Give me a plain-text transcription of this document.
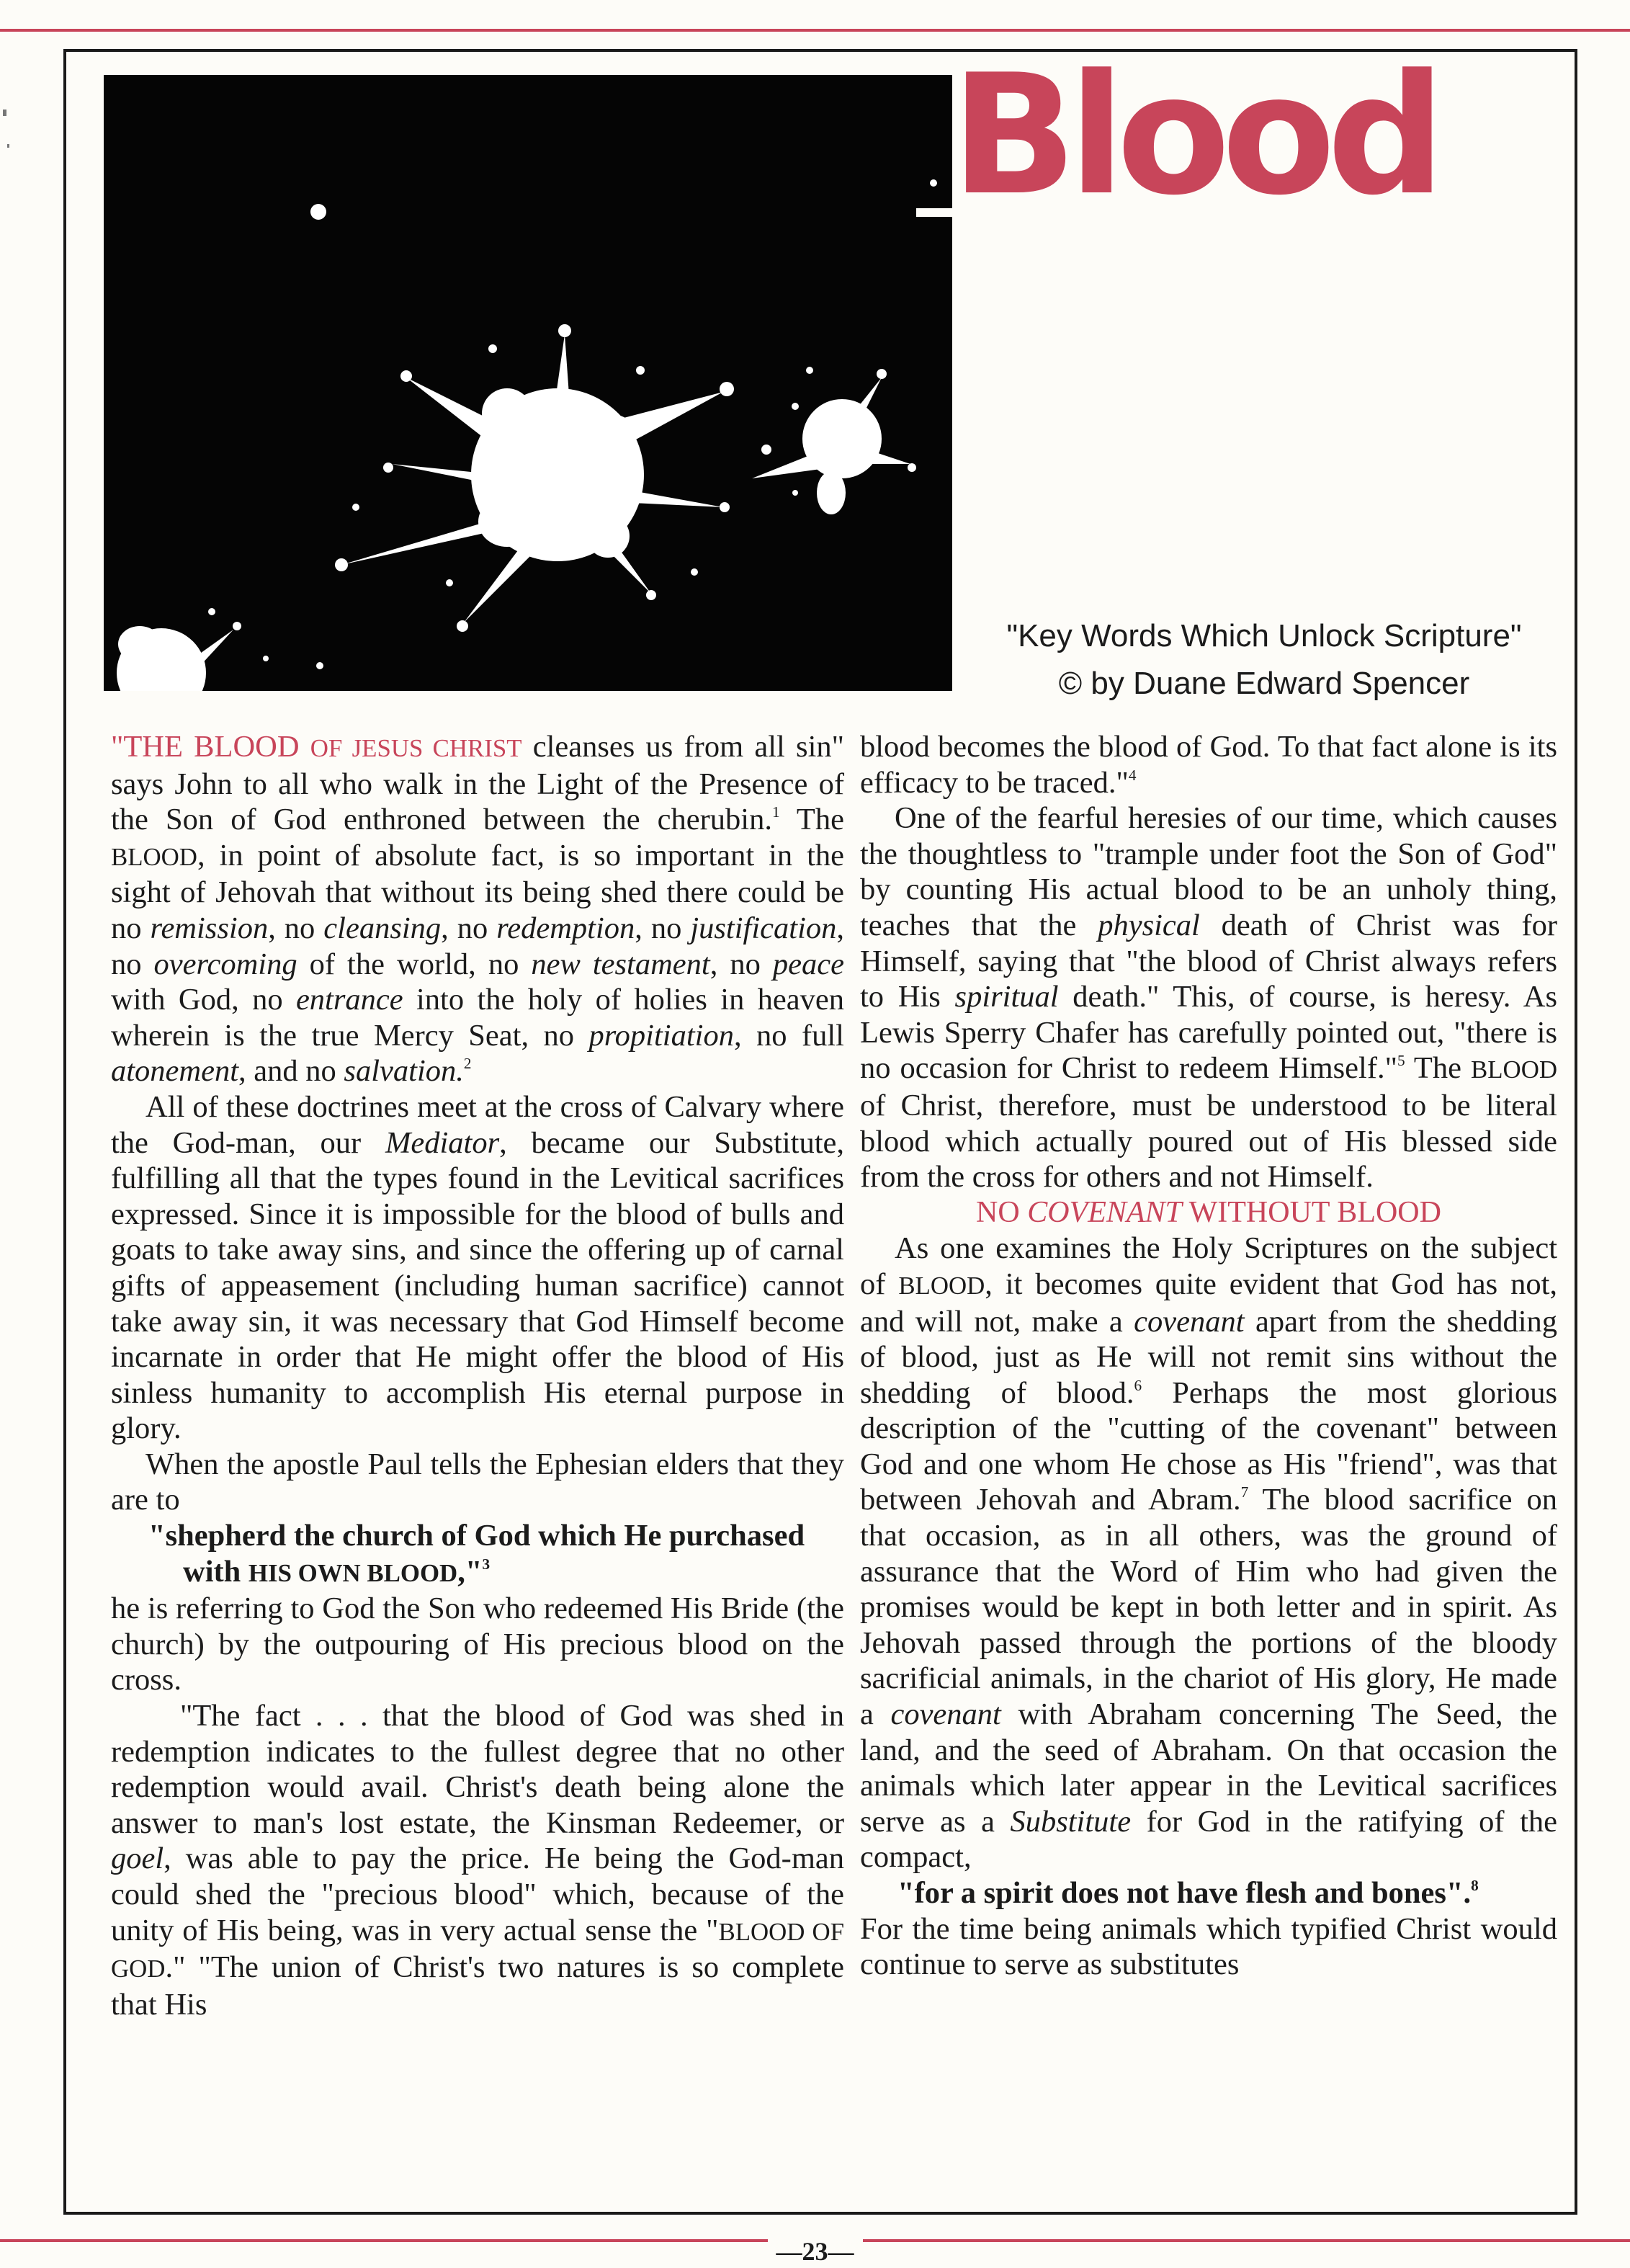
Blood
"Key Words Which Unlock Scripture"
© by Duane Edward Spencer

"THE BLOOD OF JESUS CHRIST cleanses us from all sin" says John to all who walk in the Light of the Presence of the Son of God enthroned between the cherubin.$^1$ The BLOOD, in point of absolute fact, is so important in the sight of Jehovah that without its being shed there could be no remission, no cleansing, no redemption, no justification, no overcoming of the world, no new testament, no peace with God, no entrance into the holy of holies in heaven wherein is the true Mercy Seat, no propitiation, no full atonement, and no salvation.$^2$

All of these doctrines meet at the cross of Calvary where the God-man, our Mediator, became our Substitute, fulfilling all that the types found in the Levitical sacrifices expressed. Since it is impossible for the blood of bulls and goats to take away sins, and since the offering up of carnal gifts of appeasement (including human sacrifice) cannot take away sin, it was necessary that God Himself become incarnate in order that He might offer the blood of His sinless humanity to accomplish His eternal purpose in glory.

When the apostle Paul tells the Ephesian elders that they are to

"shepherd the church of God which He purchased with HIS OWN BLOOD,"$^3$

he is referring to God the Son who redeemed His Bride (the church) by the outpouring of His precious blood on the cross.

"The fact . . . that the blood of God was shed in redemption indicates to the fullest degree that no other redemption would avail. Christ's death being alone the answer to man's lost estate, the Kinsman Redeemer, or goel, was able to pay the price. He being the God-man could shed the "precious blood" which, because of the unity of His being, was in very actual sense the "BLOOD OF GOD." "The union of Christ's two natures is so complete that His

blood becomes the blood of God. To that fact alone is its efficacy to be traced."$^4$

One of the fearful heresies of our time, which causes the thoughtless to "trample under foot the Son of God" by counting His actual blood to be an unholy thing, teaches that the physical death of Christ was for Himself, saying that "the blood of Christ always refers to His spiritual death." This, of course, is heresy. As Lewis Sperry Chafer has carefully pointed out, "there is no occasion for Christ to redeem Himself."$^5$ The BLOOD of Christ, therefore, must be understood to be literal blood which actually poured out of His blessed side from the cross for others and not Himself.

NO COVENANT WITHOUT BLOOD

As one examines the Holy Scriptures on the subject of BLOOD, it becomes quite evident that God has not, and will not, make a covenant apart from the shedding of blood, just as He will not remit sins without the shedding of blood.$^6$ Perhaps the most glorious description of the "cutting of the covenant" between God and one whom He chose as His "friend", was that between Jehovah and Abram.$^7$ The blood sacrifice on that occasion, as in all others, was the ground of assurance that the Word of Him who had given the promises would be kept in both letter and in spirit. As Jehovah passed through the portions of the bloody sacrificial animals, in the chariot of His glory, He made a covenant with Abraham concerning The Seed, the land, and the seed of Abraham. On that occasion the animals which later appear in the Levitical sacrifices serve as a Substitute for God in the ratifying of the compact,

"for a spirit does not have flesh and bones".$^8$

For the time being animals which typified Christ would continue to serve as substitutes

—23—
